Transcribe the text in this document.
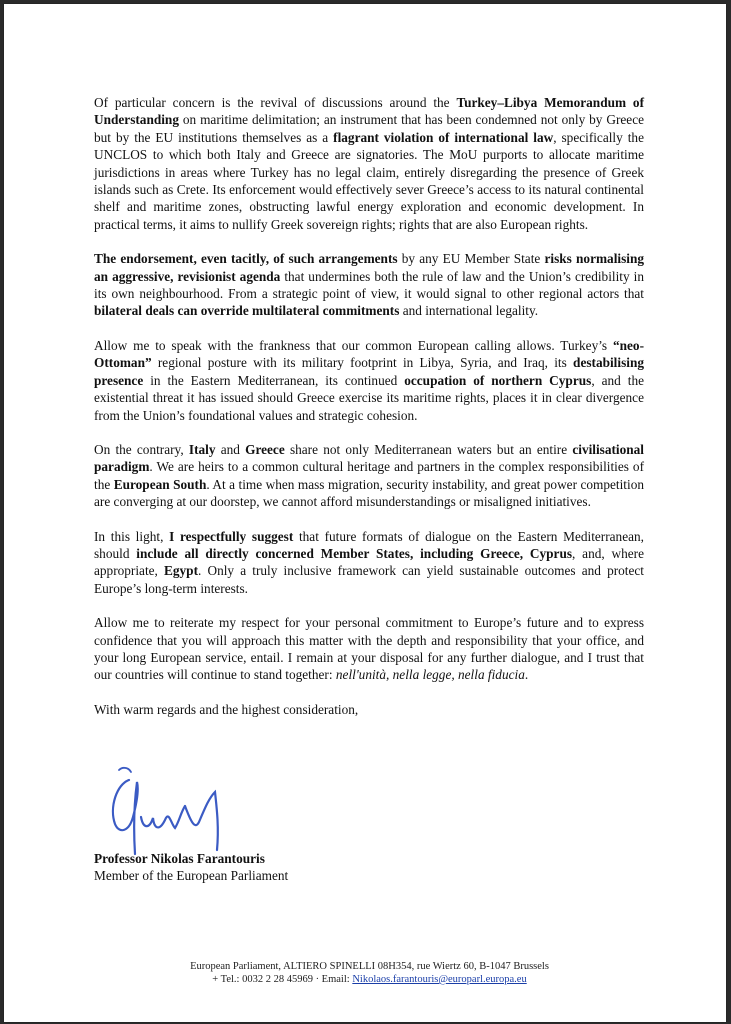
Of particular concern is the revival of discussions around the Turkey–Libya Memorandum of Understanding on maritime delimitation; an instrument that has been condemned not only by Greece but by the EU institutions themselves as a flagrant violation of international law, specifically the UNCLOS to which both Italy and Greece are signatories. The MoU purports to allocate maritime jurisdictions in areas where Turkey has no legal claim, entirely disregarding the presence of Greek islands such as Crete. Its enforcement would effectively sever Greece’s access to its natural continental shelf and maritime zones, obstructing lawful energy exploration and economic development. In practical terms, it aims to nullify Greek sovereign rights; rights that are also European rights.

The endorsement, even tacitly, of such arrangements by any EU Member State risks normalising an aggressive, revisionist agenda that undermines both the rule of law and the Union’s credibility in its own neighbourhood. From a strategic point of view, it would signal to other regional actors that bilateral deals can override multilateral commitments and international legality.

Allow me to speak with the frankness that our common European calling allows. Turkey’s “neo-Ottoman” regional posture with its military footprint in Libya, Syria, and Iraq, its destabilising presence in the Eastern Mediterranean, its continued occupation of northern Cyprus, and the existential threat it has issued should Greece exercise its maritime rights, places it in clear divergence from the Union’s foundational values and strategic cohesion.

On the contrary, Italy and Greece share not only Mediterranean waters but an entire civilisational paradigm. We are heirs to a common cultural heritage and partners in the complex responsibilities of the European South. At a time when mass migration, security instability, and great power competition are converging at our doorstep, we cannot afford misunderstandings or misaligned initiatives.

In this light, I respectfully suggest that future formats of dialogue on the Eastern Mediterranean, should include all directly concerned Member States, including Greece, Cyprus, and, where appropriate, Egypt. Only a truly inclusive framework can yield sustainable outcomes and protect Europe’s long-term interests.

Allow me to reiterate my respect for your personal commitment to Europe’s future and to express confidence that you will approach this matter with the depth and responsibility that your office, and your long European service, entail. I remain at your disposal for any further dialogue, and I trust that our countries will continue to stand together: nell'unità, nella legge, nella fiducia.

With warm regards and the highest consideration,

Professor Nikolas Farantouris
Member of the European Parliament
European Parliament, ALTIERO SPINELLI 08H354, rue Wiertz 60, B-1047 Brussels
+ Tel.: 0032 2 28 45969 · Email: Nikolaos.farantouris@europarl.europa.eu
